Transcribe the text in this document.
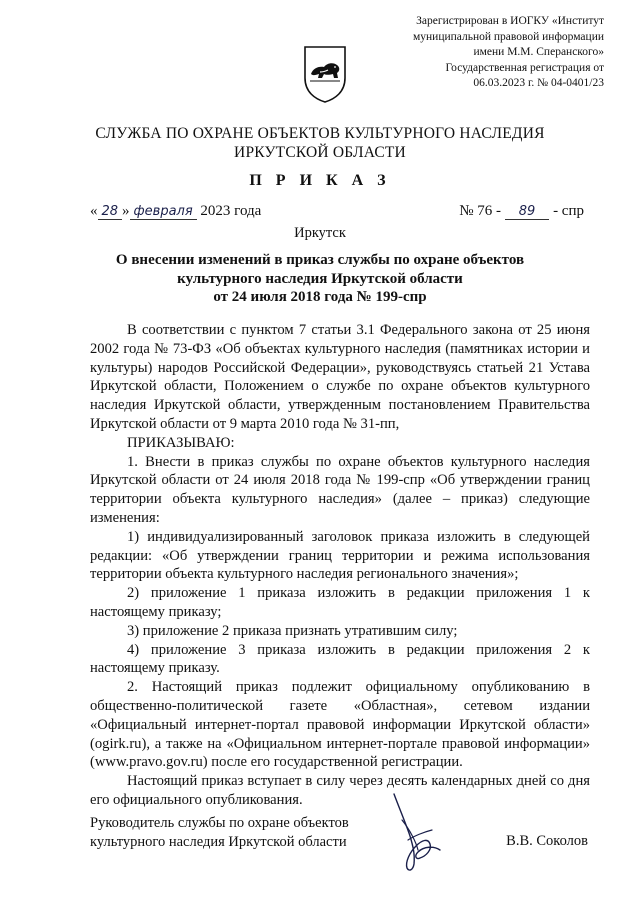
Зарегистрирован в ИОГКУ «Институт
муниципальной правовой информации
имени М.М. Сперанского»
Государственная регистрация от
06.03.2023 г. № 04-0401/23
СЛУЖБА ПО ОХРАНЕ ОБЪЕКТОВ КУЛЬТУРНОГО НАСЛЕДИЯ
ИРКУТСКОЙ ОБЛАСТИ
П Р И К А З
« 28 » февраля 2023 года	№ 76 - 89 - спр
Иркутск
О внесении изменений в приказ службы по охране объектов
культурного наследия Иркутской области
от 24 июля 2018 года № 199-спр

В соответствии с пунктом 7 статьи 3.1 Федерального закона от 25 июня 2002 года № 73-ФЗ «Об объектах культурного наследия (памятниках истории и культуры) народов Российской Федерации», руководствуясь статьей 21 Устава Иркутской области, Положением о службе по охране объектов культурного наследия Иркутской области, утвержденным постановлением Правительства Иркутской области от 9 марта 2010 года № 31-пп,

ПРИКАЗЫВАЮ:

1. Внести в приказ службы по охране объектов культурного наследия Иркутской области от 24 июля 2018 года № 199-спр «Об утверждении границ территории объекта культурного наследия» (далее – приказ) следующие изменения:

1) индивидуализированный заголовок приказа изложить в следующей редакции: «Об утверждении границ территории и режима использования территории объекта культурного наследия регионального значения»;

2) приложение 1 приказа изложить в редакции приложения 1 к настоящему приказу;

3) приложение 2 приказа признать утратившим силу;

4) приложение 3 приказа изложить в редакции приложения 2 к настоящему приказу.

2. Настоящий приказ подлежит официальному опубликованию в общественно-политической газете «Областная», сетевом издании «Официальный интернет-портал правовой информации Иркутской области» (ogirk.ru), а также на «Официальном интернет-портале правовой информации» (www.pravo.gov.ru) после его государственной регистрации.

Настоящий приказ вступает в силу через десять календарных дней со дня его официального опубликования.

Руководитель службы по охране объектов
культурного наследия Иркутской области	В.В. Соколов
